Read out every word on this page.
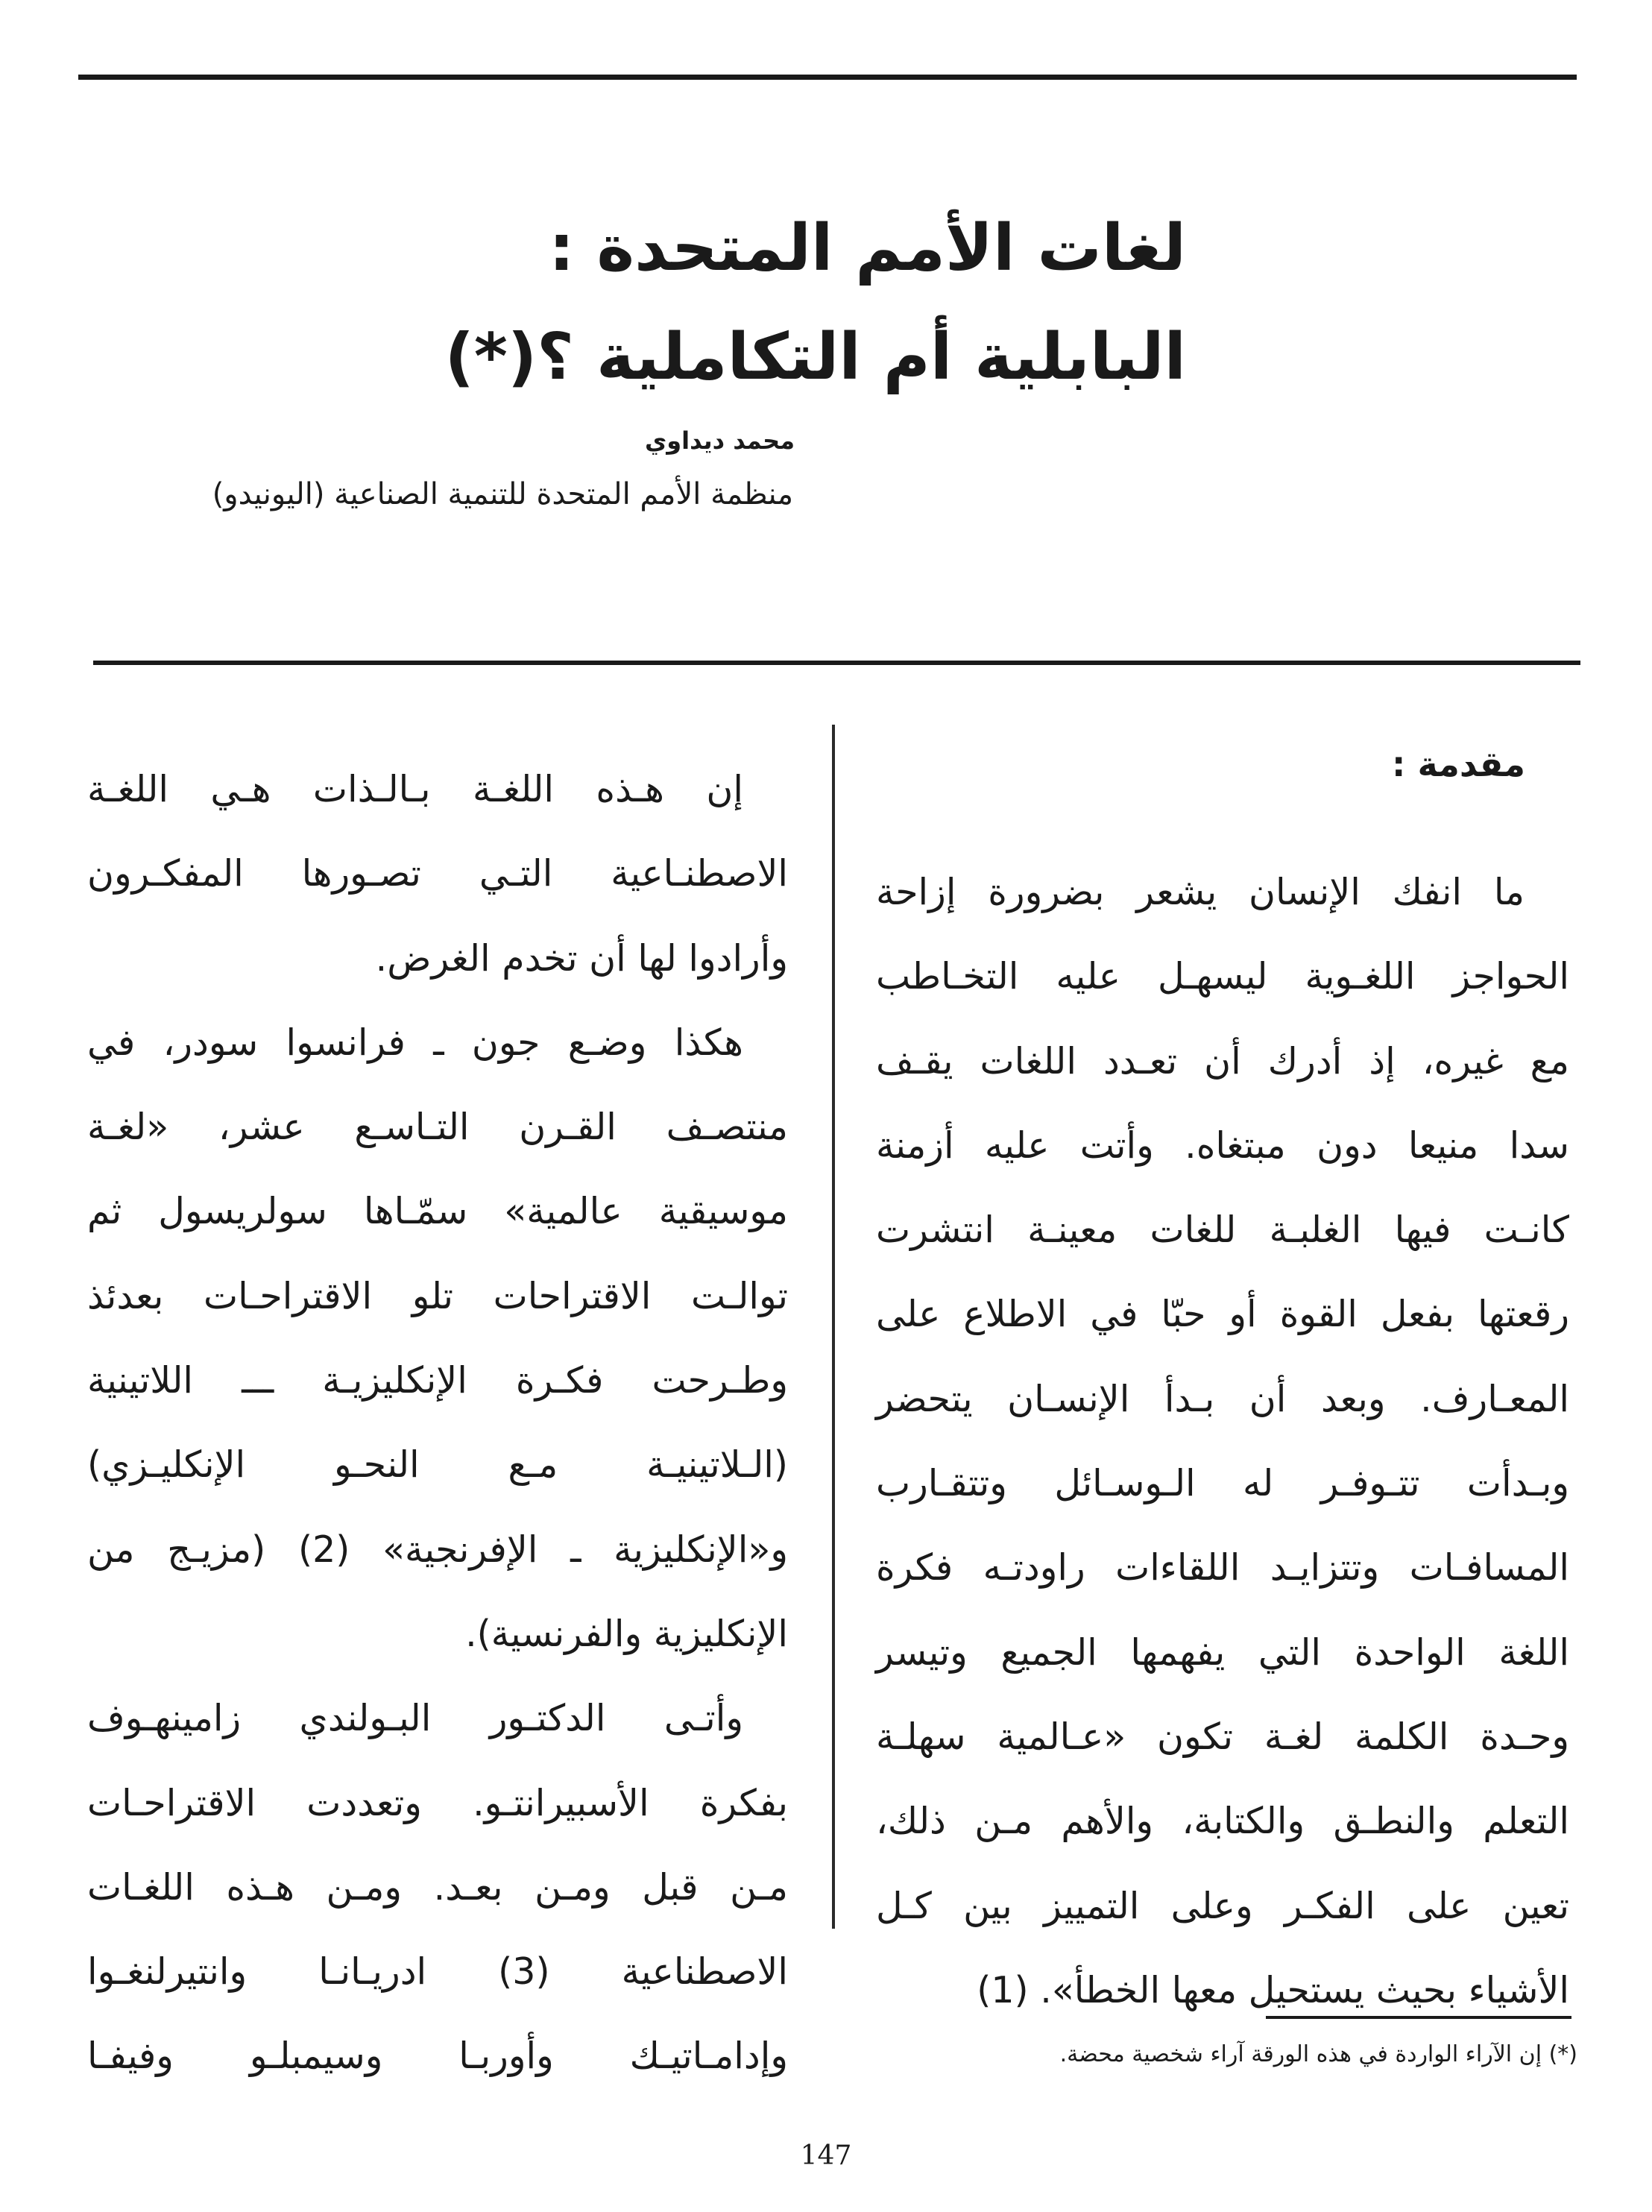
لغات الأمم المتحدة :
البابلية أم التكاملية ؟(*)
محمد ديداوي
منظمة الأمم المتحدة للتنمية الصناعية (اليونيدو)
مقدمة :
ما انفك الإنسان يشعر بضرورة إزاحة
الحواجز اللغـوية ليسهـل عليه التخـاطب
مع غيره، إذ أدرك أن تعـدد اللغات يقـف
سدا منيعا دون مبتغاه. وأتت عليه أزمنة
كانـت فيها الغلبـة للغات معينـة انتشرت
رقعتها بفعل القوة أو حبّا في الاطلاع على
المعـارف. وبعد أن بـدأ الإنسـان يتحضر
وبـدأت تتـوفـر له الـوسـائل وتتقـارب
المسافـات وتتزايـد اللقاءات راودتـه فكرة
اللغة الواحدة التي يفهمها الجميع وتيسر
وحـدة الكلمة لغـة تكون «عـالمية سهلـة
التعلم والنطـق والكتابة، والأهم مـن ذلك،
تعين على الفكـر وعلى التمييز بين كـل
الأشياء بحيث يستحيل معها الخطأ». (1)
إن هـذه اللغـة بـالـذات هـي اللغـة
الاصطنـاعية التـي تصـورها المفكـرون
وأرادوا لها أن تخدم الغرض.
هكذا وضـع جون ـ فرانسوا سودر، في
منتصـف القـرن التـاسـع عشر، «لغـة
موسيقية عالمية» سمّـاها سولريسول ثم
توالـت الاقتراحات تلو الاقتراحـات بعدئذ
وطـرحت فكـرة الإنكليزيـة ـــ اللاتينية
(الـلاتينيـة مـع النحـو الإنكليـزي)
و«الإنكليزية ـ الإفرنجية» (2) (مزيـج من
الإنكليزية والفرنسية).
وأتـى الدكتـور البـولندي زامينهـوف
بفكرة الأسبيرانتـو. وتعددت الاقتراحـات
مـن قبل ومـن بعـد. ومـن هـذه اللغـات
الاصطناعية (3) ادريـانـا وانتيرلنغـوا
وإدامـاتيـك وأوربـا وسيمبلـو وفيفـا	(*) إن الآراء الواردة في هذه الورقة آراء شخصية محضة.
147
